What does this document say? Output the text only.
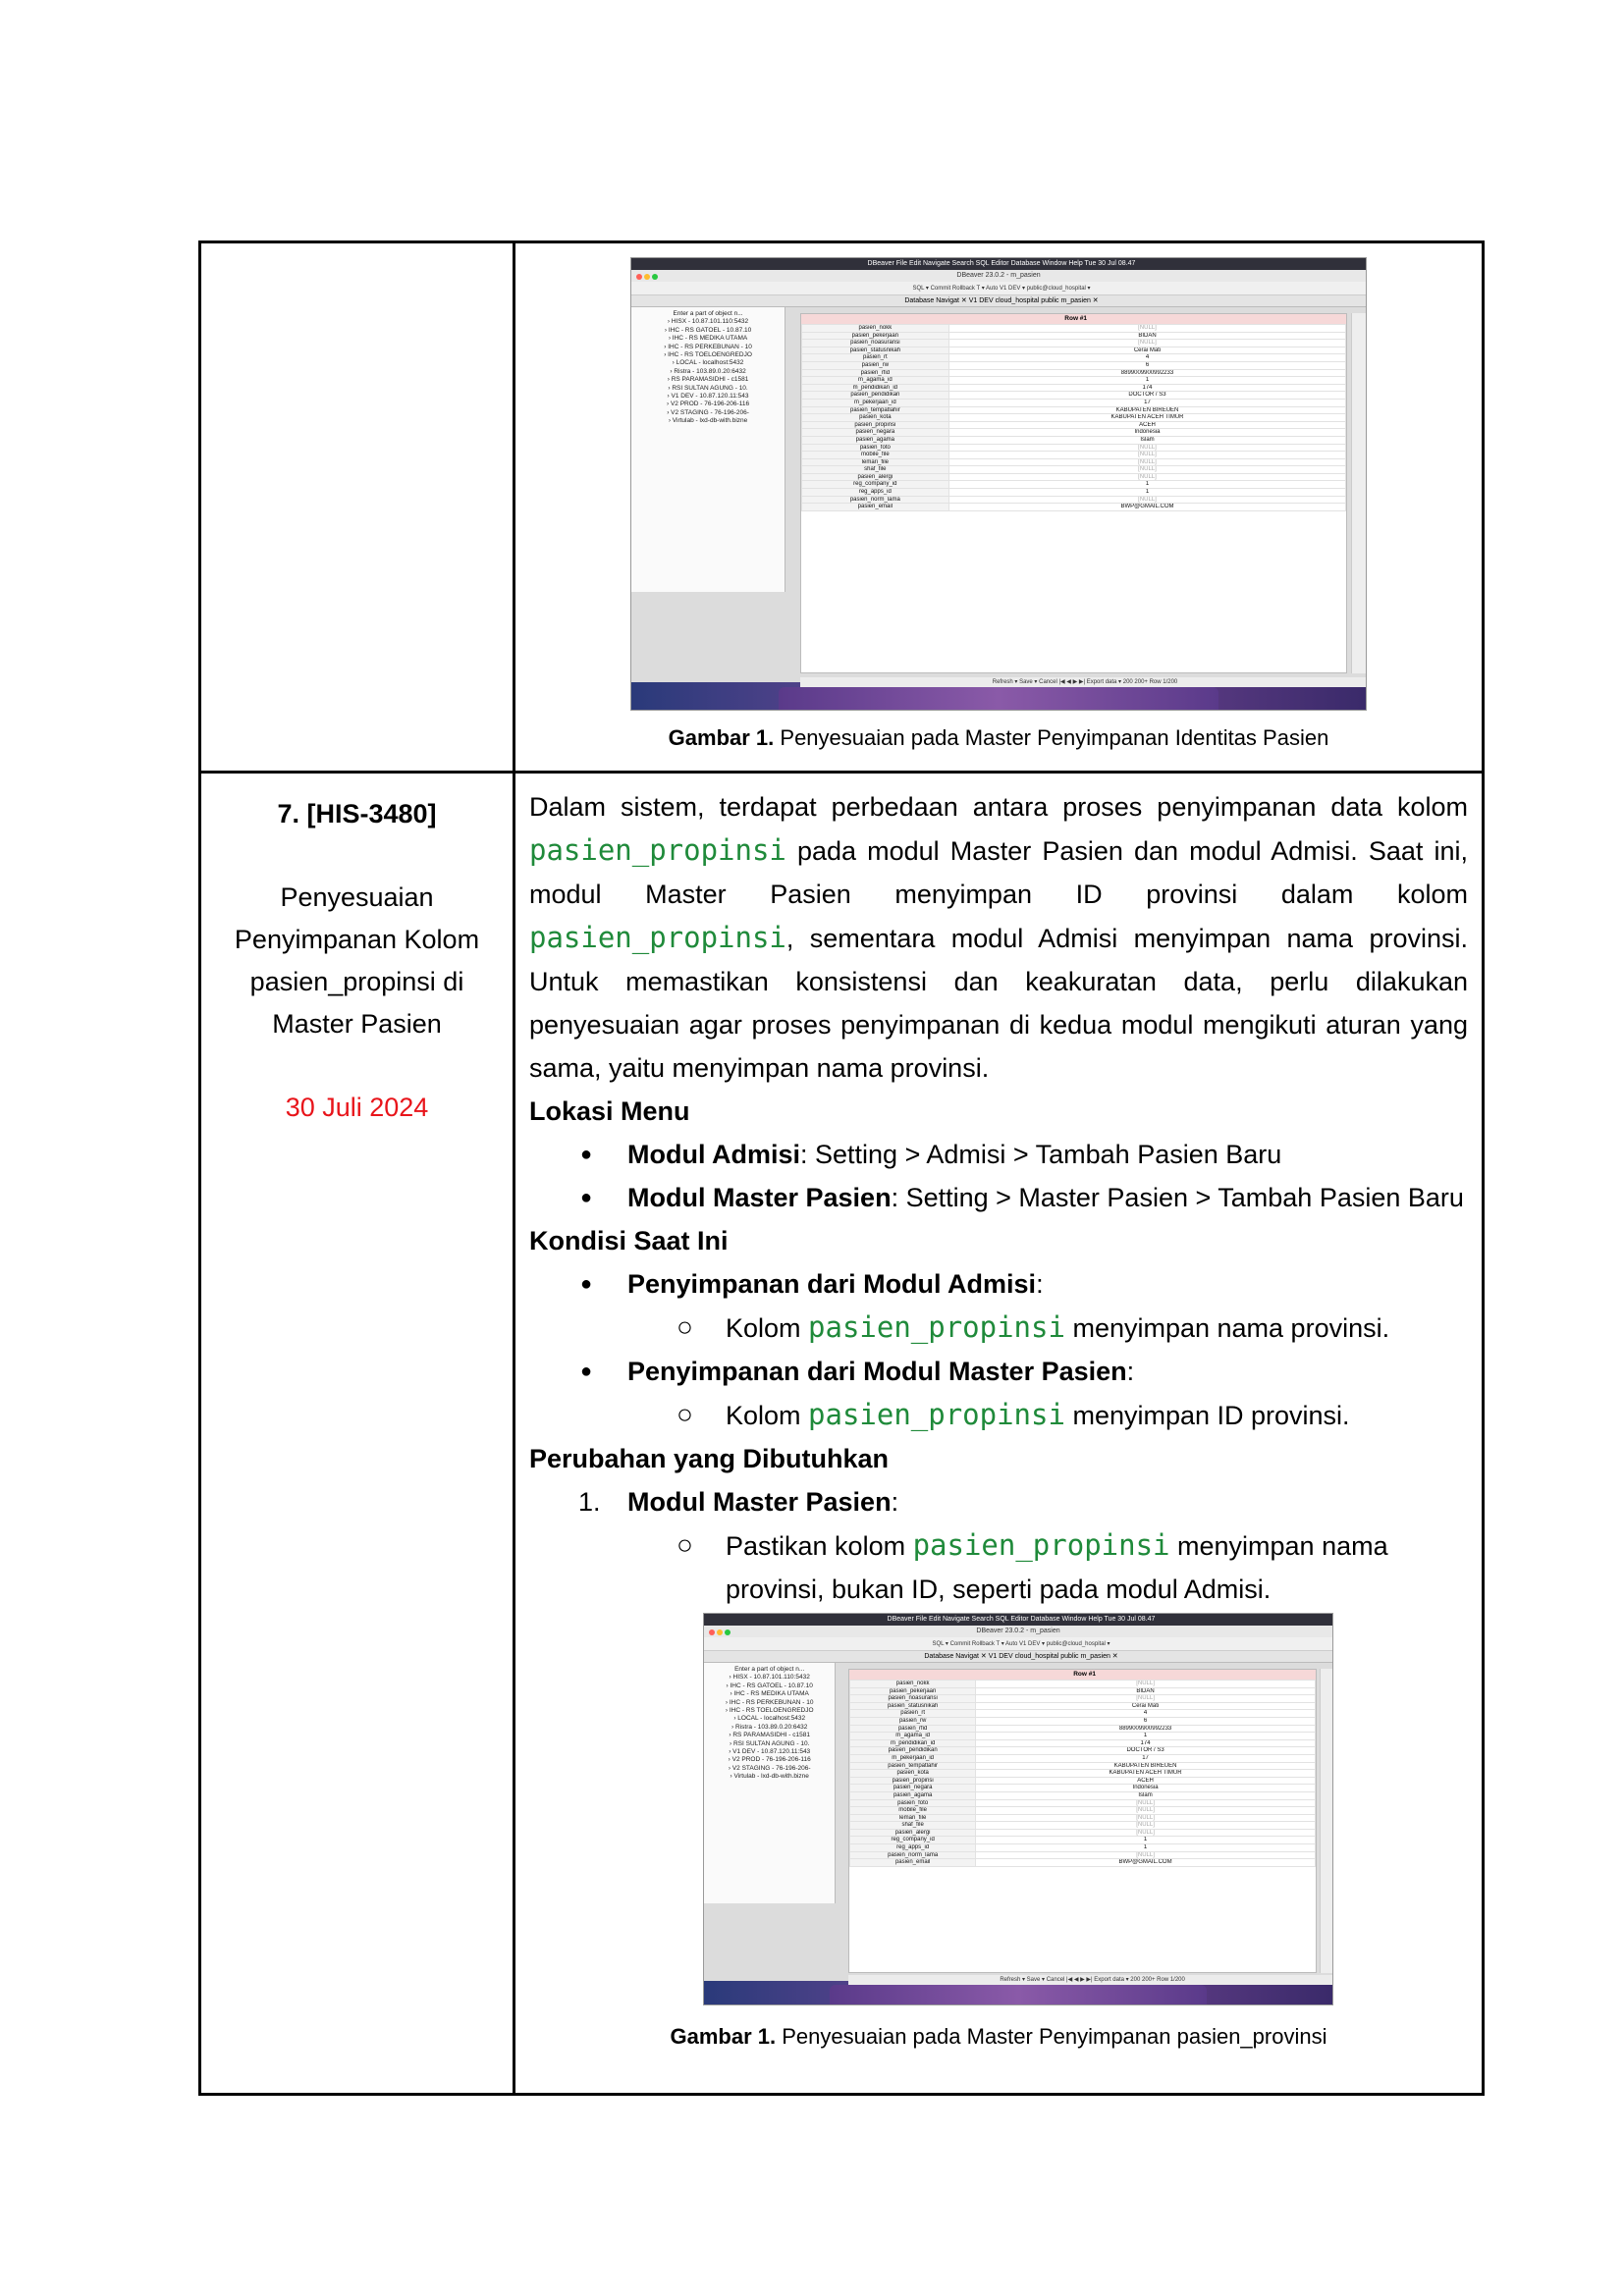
DBeaver File Edit Navigate Search SQL Editor Database Window Help Tue 30 Jul 08.47
DBeaver 23.0.2 - m_pasien
SQL ▾ Commit Rollback T ▾ Auto V1 DEV ▾ public@cloud_hospital ▾
Database Navigat ✕ V1 DEV cloud_hospital public m_pasien ✕
Enter a part of object n...
› HISX - 10.87.101.110:5432
› IHC - RS GATOEL - 10.87.10
› IHC - RS MEDIKA UTAMA
› IHC - RS PERKEBUNAN - 10
› IHC - RS TOELOENGREDJO
› LOCAL - localhost:5432
› Ristra - 103.89.0.20:6432
› RS PARAMASIDHI - c1581
› RSI SULTAN AGUNG - 10.
› V1 DEV - 10.87.120.11:543
› V2 PROD - 76-196-206-116
› V2 STAGING - 76-196-206-
› Virtulab - lxd-db-with.bizne
Row #1
pasien_nokk	[NULL]
pasien_pekerjaan	BIDAN
pasien_noasuransi	[NULL]
pasien_statusnikah	Cerai Mati
pasien_rt	4
pasien_rw	6
pasien_rfid	8899009900992233
m_agama_id	1
m_pendidikan_id	174
pasien_pendidikan	DOCTOR / S3
m_pekerjaan_id	17
pasien_tempatlahir	KABUPATEN BIREUEN
pasien_kota	KABUPATEN ACEH TIMUR
pasien_propinsi	ACEH
pasien_negara	Indonesia
pasien_agama	Islam
pasien_foto	[NULL]
mobile_file	[NULL]
lemari_file	[NULL]
shaf_file	[NULL]
pasien_alergi	[NULL]
reg_company_id	1
reg_apps_id	1
pasien_norm_lama	[NULL]
pasien_email	BWP@GMAIL.COM
Refresh ▾ Save ▾ Cancel |◀ ◀ ▶ ▶| Export data ▾ 200 200+ Row 1/200
Gambar 1. Penyesuaian pada Master Penyimpanan Identitas Pasien

7. [HIS-3480]
Penyesuaian
Penyimpanan Kolom
pasien_propinsi di
Master Pasien
30 Juli 2024

Dalam sistem, terdapat perbedaan antara proses penyimpanan data kolom pasien_propinsi pada modul Master Pasien dan modul Admisi. Saat ini, modul Master Pasien menyimpan ID provinsi dalam kolom pasien_propinsi, sementara modul Admisi menyimpan nama provinsi. Untuk memastikan konsistensi dan keakuratan data, perlu dilakukan penyesuaian agar proses penyimpanan di kedua modul mengikuti aturan yang sama, yaitu menyimpan nama provinsi.

Lokasi Menu
● Modul Admisi: Setting > Admisi > Tambah Pasien Baru
● Modul Master Pasien: Setting > Master Pasien > Tambah Pasien Baru
Kondisi Saat Ini
● Penyimpanan dari Modul Admisi:
○ Kolom pasien_propinsi menyimpan nama provinsi.
● Penyimpanan dari Modul Master Pasien:
○ Kolom pasien_propinsi menyimpan ID provinsi.
Perubahan yang Dibutuhkan
1. Modul Master Pasien:
○ Pastikan kolom pasien_propinsi menyimpan nama provinsi, bukan ID, seperti pada modul Admisi.
DBeaver File Edit Navigate Search SQL Editor Database Window Help Tue 30 Jul 08.47
DBeaver 23.0.2 - m_pasien
SQL ▾ Commit Rollback T ▾ Auto V1 DEV ▾ public@cloud_hospital ▾
Database Navigat ✕ V1 DEV cloud_hospital public m_pasien ✕
Enter a part of object n...
› HISX - 10.87.101.110:5432
› IHC - RS GATOEL - 10.87.10
› IHC - RS MEDIKA UTAMA
› IHC - RS PERKEBUNAN - 10
› IHC - RS TOELOENGREDJO
› LOCAL - localhost:5432
› Ristra - 103.89.0.20:6432
› RS PARAMASIDHI - c1581
› RSI SULTAN AGUNG - 10.
› V1 DEV - 10.87.120.11:543
› V2 PROD - 76-196-206-116
› V2 STAGING - 76-196-206-
› Virtulab - lxd-db-with.bizne
Row #1
pasien_nokk	[NULL]
pasien_pekerjaan	BIDAN
pasien_noasuransi	[NULL]
pasien_statusnikah	Cerai Mati
pasien_rt	4
pasien_rw	6
pasien_rfid	8899009900992233
m_agama_id	1
m_pendidikan_id	174
pasien_pendidikan	DOCTOR / S3
m_pekerjaan_id	17
pasien_tempatlahir	KABUPATEN BIREUEN
pasien_kota	KABUPATEN ACEH TIMUR
pasien_propinsi	ACEH
pasien_negara	Indonesia
pasien_agama	Islam
pasien_foto	[NULL]
mobile_file	[NULL]
lemari_file	[NULL]
shaf_file	[NULL]
pasien_alergi	[NULL]
reg_company_id	1
reg_apps_id	1
pasien_norm_lama	[NULL]
pasien_email	BWP@GMAIL.COM
Refresh ▾ Save ▾ Cancel |◀ ◀ ▶ ▶| Export data ▾ 200 200+ Row 1/200
Gambar 1. Penyesuaian pada Master Penyimpanan pasien_provinsi
